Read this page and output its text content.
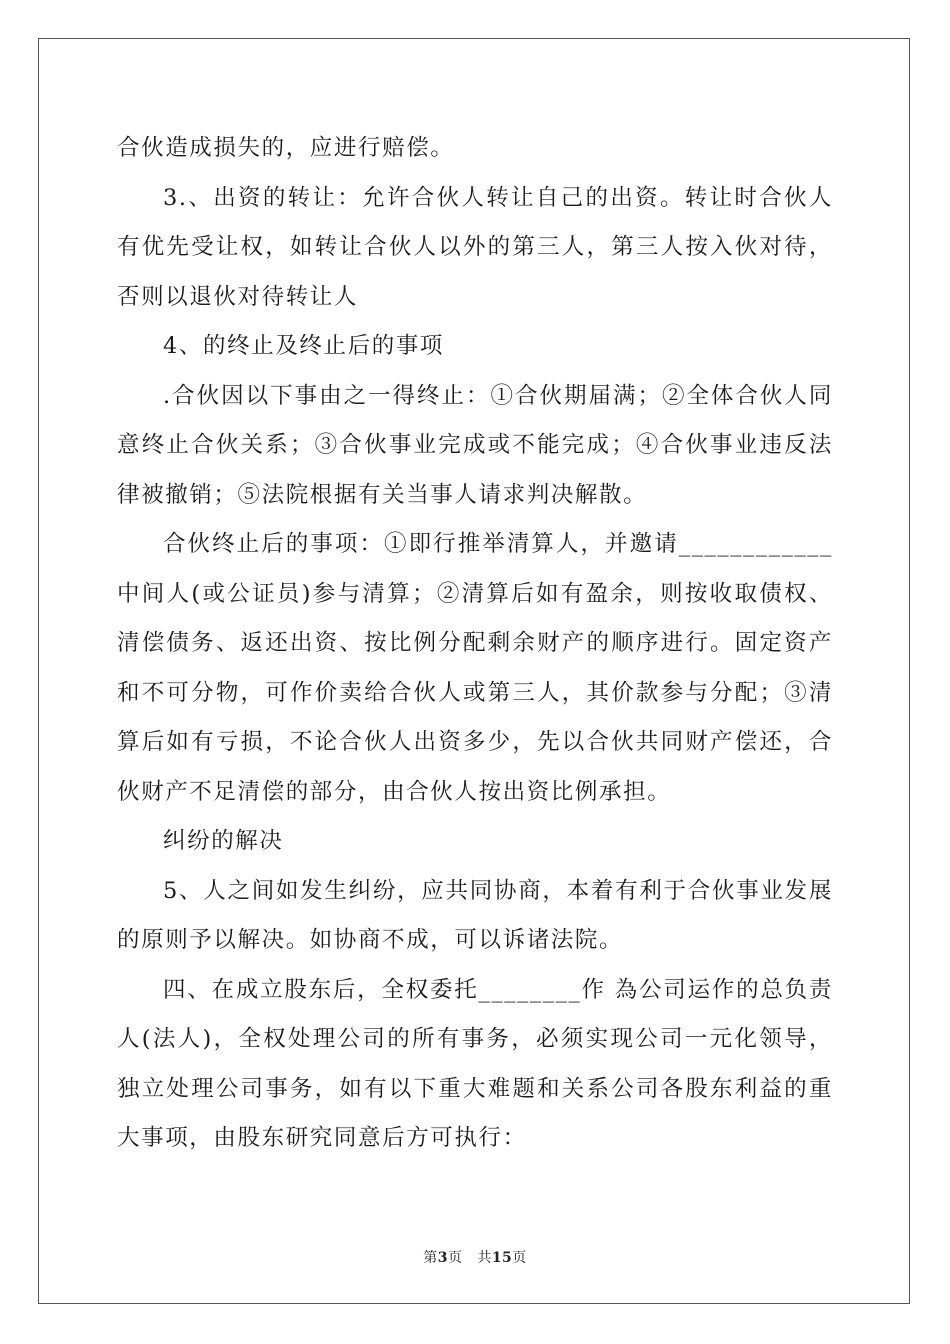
合伙造成损失的，应进行赔偿。

3.、出资的转让：允许合伙人转让自己的出资。转让时合伙人有优先受让权，如转让合伙人以外的第三人，第三人按入伙对待，否则以退伙对待转让人

4、的终止及终止后的事项

.合伙因以下事由之一得终止：①合伙期届满；②全体合伙人同意终止合伙关系；③合伙事业完成或不能完成；④合伙事业违反法律被撤销；⑤法院根据有关当事人请求判决解散。

合伙终止后的事项：①即行推举清算人，并邀请____________中间人(或公证员)参与清算；②清算后如有盈余，则按收取债权、清偿债务、返还出资、按比例分配剩余财产的顺序进行。固定资产和不可分物，可作价卖给合伙人或第三人，其价款参与分配；③清算后如有亏损，不论合伙人出资多少，先以合伙共同财产偿还，合伙财产不足清偿的部分，由合伙人按出资比例承担。

纠纷的解决

5、人之间如发生纠纷，应共同协商，本着有利于合伙事业发展的原则予以解决。如协商不成，可以诉诸法院。

四、在成立股东后，全权委托________作 為公司运作的总负责人(法人)，全权处理公司的所有事务，必须实现公司一元化领导，独立处理公司事务，如有以下重大难题和关系公司各股东利益的重大事项，由股东研究同意后方可执行：

第3页 共15页
